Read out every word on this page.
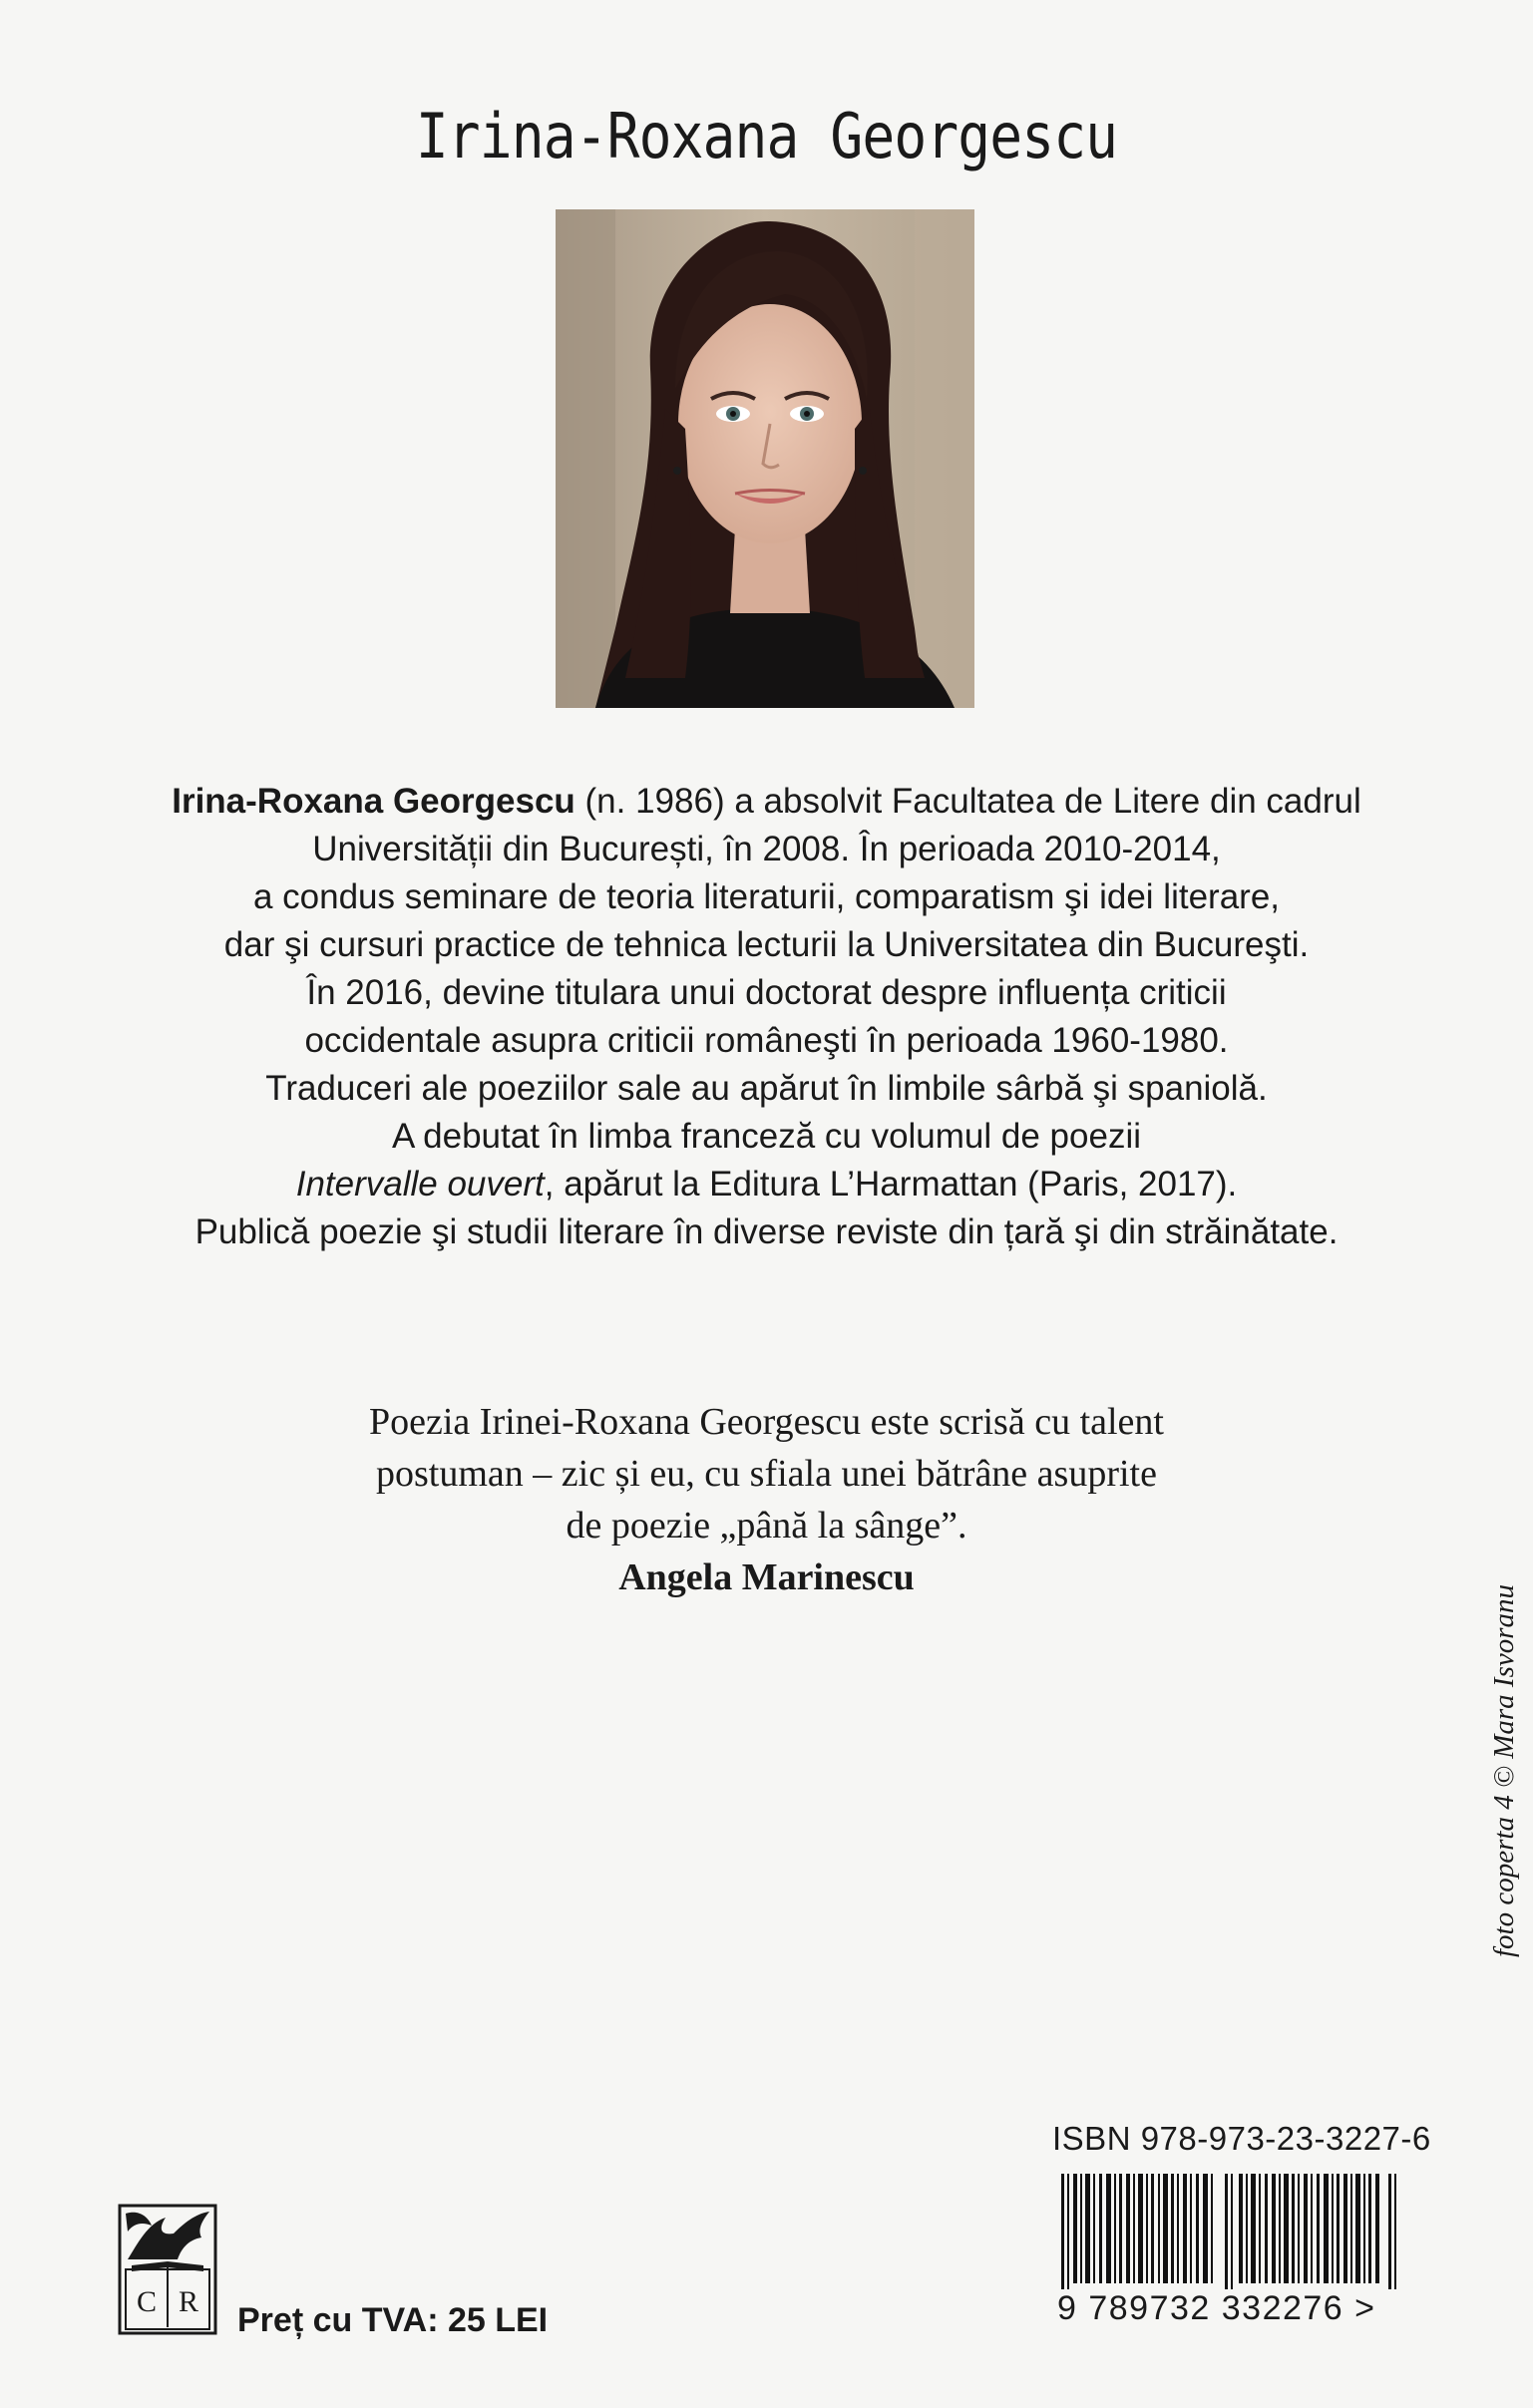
Irina-Roxana Georgescu
Irina-Roxana Georgescu (n. 1986) a absolvit Facultatea de Litere din cadrul
Universității din București, în 2008. În perioada 2010-2014,
a condus seminare de teoria literaturii, comparatism şi idei literare,
dar şi cursuri practice de tehnica lecturii la Universitatea din Bucureşti.
În 2016, devine titulara unui doctorat despre influența criticii
occidentale asupra criticii româneşti în perioada 1960-1980.
Traduceri ale poeziilor sale au apărut în limbile sârbă şi spaniolă.
A debutat în limba franceză cu volumul de poezii
Intervalle ouvert, apărut la Editura L’Harmattan (Paris, 2017).
Publică poezie şi studii literare în diverse reviste din țară şi din străinătate.
Poezia Irinei-Roxana Georgescu este scrisă cu talent
postuman – zic și eu, cu sfiala unei bătrâne asuprite
de poezie „până la sânge”.
Angela Marinescu
foto coperta 4 © Mara Isvoranu
ISBN 978-973-23-3227-6
9 789732 332276 >
C R Preț cu TVA: 25 LEI
